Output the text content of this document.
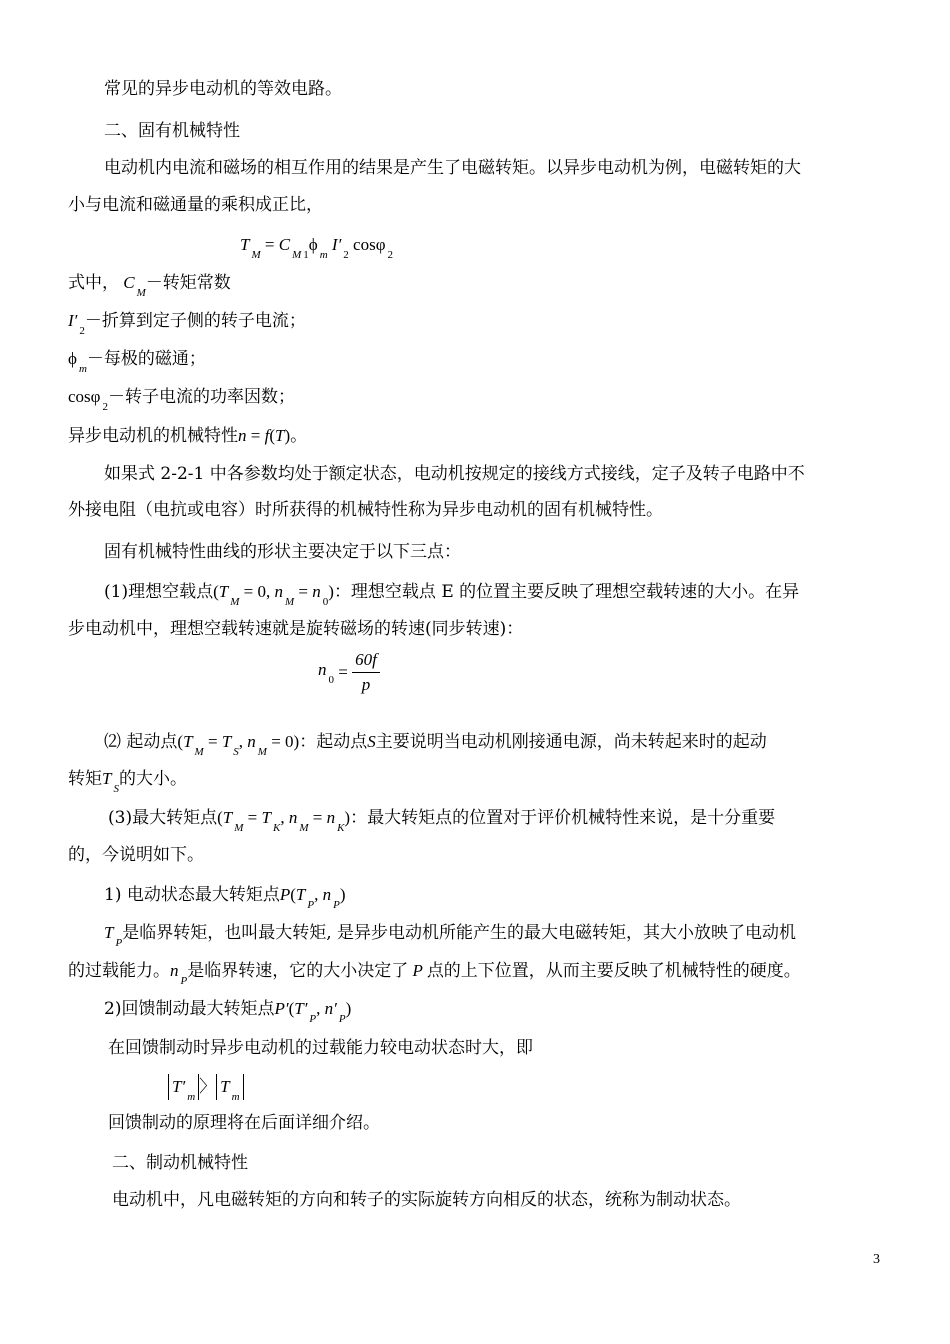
常见的异步电动机的等效电路。
二、固有机械特性
电动机内电流和磁场的相互作用的结果是产生了电磁转矩。以异步电动机为例，电磁转矩的大
小与电流和磁通量的乘积成正比，
$T_M = C_M$ $_1\phi_m$ $I'_2$ cosφ$_2$
式中， $C_M-$转矩常数
$I'_2-$折算到定子侧的转子电流；
$\phi_m-$每极的磁通；
cosφ$_2$－转子电流的功率因数；
异步电动机的机械特性n = f(T)。
如果式 2-2-1 中各参数均处于额定状态，电动机按规定的接线方式接线，定子及转子电路中不
外接电阻（电抗或电容）时所获得的机械特性称为异步电动机的固有机械特性。
固有机械特性曲线的形状主要决定于以下三点：
(1)理想空载点($T_M = 0$, $n_M = n_0$)：理想空载点 E 的位置主要反映了理想空载转速的大小。在异
步电动机中，理想空载转速就是旋转磁场的转速(同步转速)：
$n_0 = \frac{60f}{p}$
⑵ 起动点($T_M = T_S$, $n_M = 0$)：起动点S主要说明当电动机刚接通电源，尚未转起来时的起动
转矩$T_S$的大小。
(3)最大转矩点($T_M = T_K$, $n_M = n_K$)：最大转矩点的位置对于评价机械特性来说，是十分重要
的，今说明如下。
1) 电动状态最大转矩点$P(T_P$, $n_P$)
$T_P$是临界转矩，也叫最大转矩, 是异步电动机所能产生的最大电磁转矩，其大小放映了电动机
的过载能力。$n_P$是临界转速，它的大小决定了 P 点的上下位置，从而主要反映了机械特性的硬度。
2)回馈制动最大转矩点$P'(T'_P$, $n'_P$)
在回馈制动时异步电动机的过载能力较电动状态时大，即
$T'_m$〉 $T_m$
回馈制动的原理将在后面详细介绍。
二、制动机械特性
电动机中，凡电磁转矩的方向和转子的实际旋转方向相反的状态，统称为制动状态。
3
